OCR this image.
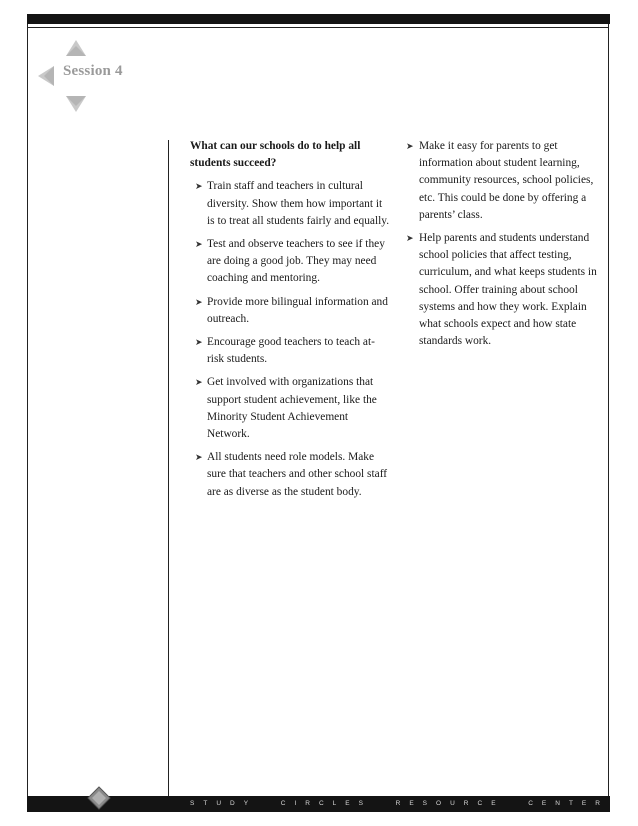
Session 4

What can our schools do to help all students succeed?

➤ Train staff and teachers in cultural diversity. Show them how important it is to treat all students fairly and equally.
➤ Test and observe teachers to see if they are doing a good job. They may need coaching and mentoring.
➤ Provide more bilingual information and outreach.
➤ Encourage good teachers to teach at-risk students.
➤ Get involved with organizations that support student achievement, like the Minority Student Achievement Network.
➤ All students need role models. Make sure that teachers and other school staff are as diverse as the student body.
➤ Make it easy for parents to get information about student learning, community resources, school policies, etc. This could be done by offering a parents’ class.
➤ Help parents and students understand school policies that affect testing, curriculum, and what keeps students in school. Offer training about school systems and how they work. Explain what schools expect and how state standards work.
S T U D Y	C I R C L E S	R E S O U R C E	C E N T E R
